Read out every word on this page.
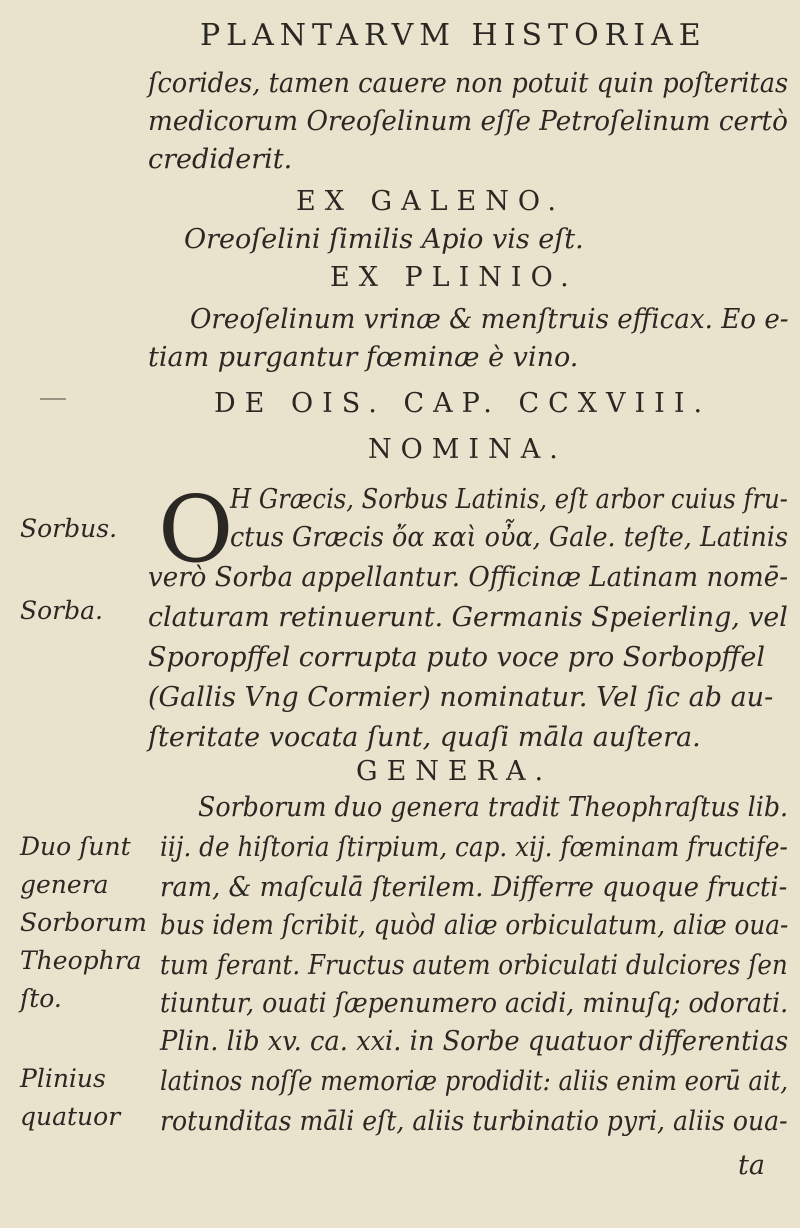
PLANTARVM HISTORIAE
ſcorides, tamen cauere non potuit quin poſteritas
medicorum Oreoſelinum eſſe Petroſelinum certò
crediderit.
EX GALENO.
Oreoſelini ſimilis Apio vis eſt.
EX PLINIO.
Oreoſelinum vrinæ & menſtruis efficax. Eo e-
tiam purgantur fœminæ è vino.
DE OIS. CAP. CCXVIII.
NOMINA.
O
H Græcis, Sorbus Latinis, eſt arbor cuius fru-
ctus Græcis ὄα καὶ οὖα, Gale. teſte, Latinis
verò Sorba appellantur. Officinæ Latinam nomē-
claturam retinuerunt. Germanis Speierling, vel
Sporopffel corrupta puto voce pro Sorbopffel
(Gallis Vng Cormier) nominatur. Vel ſic ab au-
ſteritate vocata ſunt, quaſi māla auſtera.
GENERA.
Sorborum duo genera tradit Theophraſtus lib.
iij. de hiſtoria ſtirpium, cap. xij. fœminam fructife-
ram, & maſculā ſterilem. Differre quoque fructi-
bus idem ſcribit, quòd aliæ orbiculatum, aliæ oua-
tum ferant. Fructus autem orbiculati dulciores ſen
tiuntur, ouati ſæpenumero acidi, minuſq; odorati.
Plin. lib xv. ca. xxi. in Sorbe quatuor differentias
latinos noſſe memoriæ prodidit: aliis enim eorū ait,
rotunditas māli eſt, aliis turbinatio pyri, aliis oua-
ta
Sorbus.
Sorba.
Duo ſunt
genera
Sorborum
Theophra
ſto.
Plinius
quatuor
